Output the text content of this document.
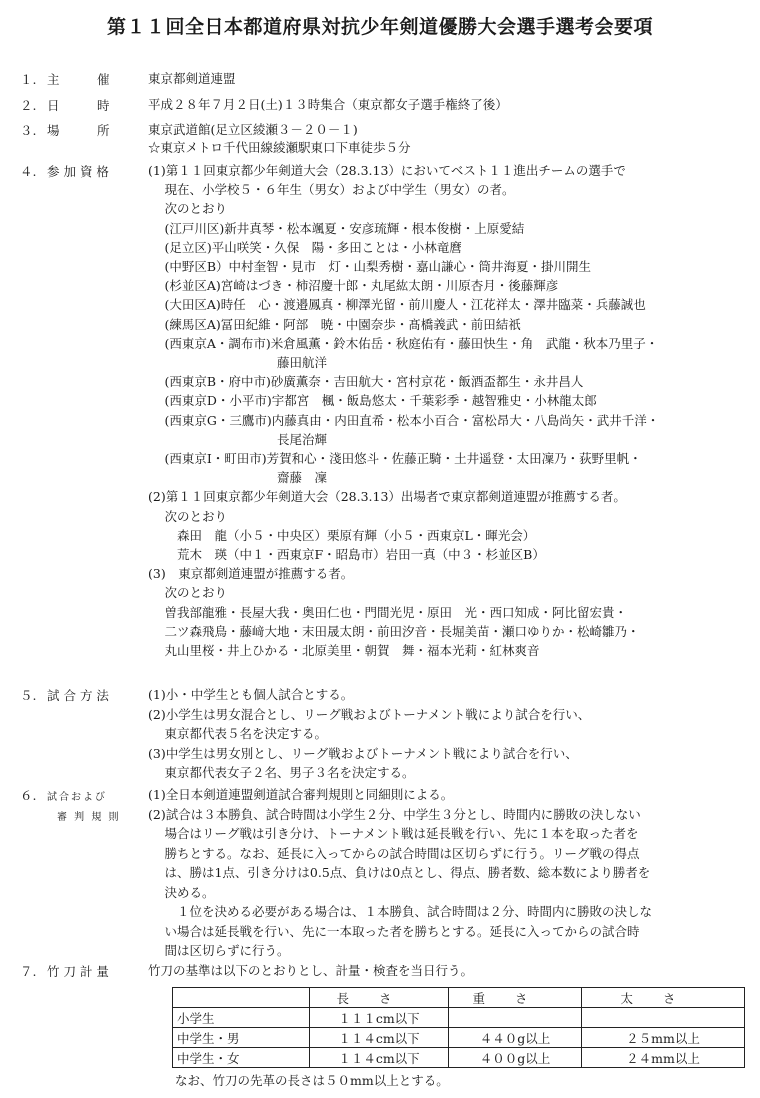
第１１回全日本都道府県対抗少年剣道優勝大会選手選考会要項
１. 主　　　催	東京都剣道連盟
２. 日　　　時	平成２８年７月２日(土)１３時集合（東京都女子選手権終了後）
３. 場　　　所	東京武道館(足立区綾瀬３－２０－１)
☆東京メトロ千代田線綾瀬駅東口下車徒歩５分
４. 参 加 資 格	(1)第１１回東京都少年剣道大会（28.3.13）においてベスト１１進出チームの選手で
　 現在、小学校５・６年生（男女）および中学生（男女）の者。
　 次のとおり
　 (江戸川区)新井真琴・松本颯夏・安彦琉輝・根本俊樹・上原愛結
　 (足立区)平山咲笑・久保　陽・多田ことは・小林竜麿
　 (中野区B）中村奎智・見市　灯・山梨秀樹・嘉山謙心・筒井海夏・掛川開生
　 (杉並区A)宮崎はづき・柿沼慶十郎・丸尾紘太朗・川原杏月・後藤輝彦
　 (大田区A)時任　心・渡邉鳳真・柳澤光留・前川慶人・江花祥太・澤井臨菜・兵藤誠也
　 (練馬区A)冨田紀維・阿部　暁・中園奈歩・髙橋義武・前田結祇
　 (西東京A・調布市)米倉風薫・鈴木佑岳・秋庭佑有・藤田快生・角　武龍・秋本乃里子・
　 　　　　　　　　　藤田航洋
　 (西東京B・府中市)砂廣薫奈・吉田航大・宮村京花・飯酒盃都生・永井昌人
　 (西東京D・小平市)宇都宮　楓・飯島悠太・千葉彩季・越智雅史・小林龍太郎
　 (西東京G・三鷹市)内藤真由・内田直希・松本小百合・富松昂大・八島尚矢・武井千洋・
　 　　　　　　　　　長尾治輝
　 (西東京I・町田市)芳賀和心・淺田悠斗・佐藤正騎・土井遥登・太田凜乃・荻野里帆・
　 　　　　　　　　　齋藤　凜
(2)第１１回東京都少年剣道大会（28.3.13）出場者で東京都剣道連盟が推薦する者。
　 次のとおり
　 　森田　龍（小５・中央区）栗原有輝（小５・西東京L・暉光会）
　 　荒木　瑛（中１・西東京F・昭島市）岩田一真（中３・杉並区B）
(3)　東京都剣道連盟が推薦する者。
　 次のとおり
　 曽我部龍雅・長屋大我・奥田仁也・門間光児・原田　光・西口知成・阿比留宏貴・
　 二ツ森飛鳥・藤﨑大地・末田晟太朗・前田汐音・長堀美苗・瀬口ゆりか・松崎雛乃・
　 丸山里桜・井上ひかる・北原美里・朝賀　舞・福本光莉・紅林爽音
５. 試 合 方 法	(1)小・中学生とも個人試合とする。
(2)小学生は男女混合とし、リーグ戦およびトーナメント戦により試合を行い、
　 東京都代表５名を決定する。
(3)中学生は男女別とし、リーグ戦およびトーナメント戦により試合を行い、
　 東京都代表女子２名、男子３名を決定する。
６. 試合および
審 判 規 則
(1)全日本剣道連盟剣道試合審判規則と同細則による。
(2)試合は３本勝負、試合時間は小学生２分、中学生３分とし、時間内に勝敗の決しない
　 場合はリーグ戦は引き分け、トーナメント戦は延長戦を行い、先に１本を取った者を
　 勝ちとする。なお、延長に入ってからの試合時間は区切らずに行う。リーグ戦の得点
　 は、勝は1点、引き分けは0.5点、負けは0点とし、得点、勝者数、総本数により勝者を
　 決める。
　 　１位を決める必要がある場合は、１本勝負、試合時間は２分、時間内に勝敗の決しな
　 い場合は延長戦を行い、先に一本取った者を勝ちとする。延長に入ってからの試合時
　 間は区切らずに行う。
７. 竹 刀 計 量	竹刀の基準は以下のとおりとし、計量・検査を当日行う。
	長さ	重さ	太さ
小学生	１１１cm以下		
中学生・男	１１４cm以下	４４０g以上	２５mm以上
中学生・女	１１４cm以下	４００g以上	２４mm以上
なお、竹刀の先革の長さは５０mm以上とする。
